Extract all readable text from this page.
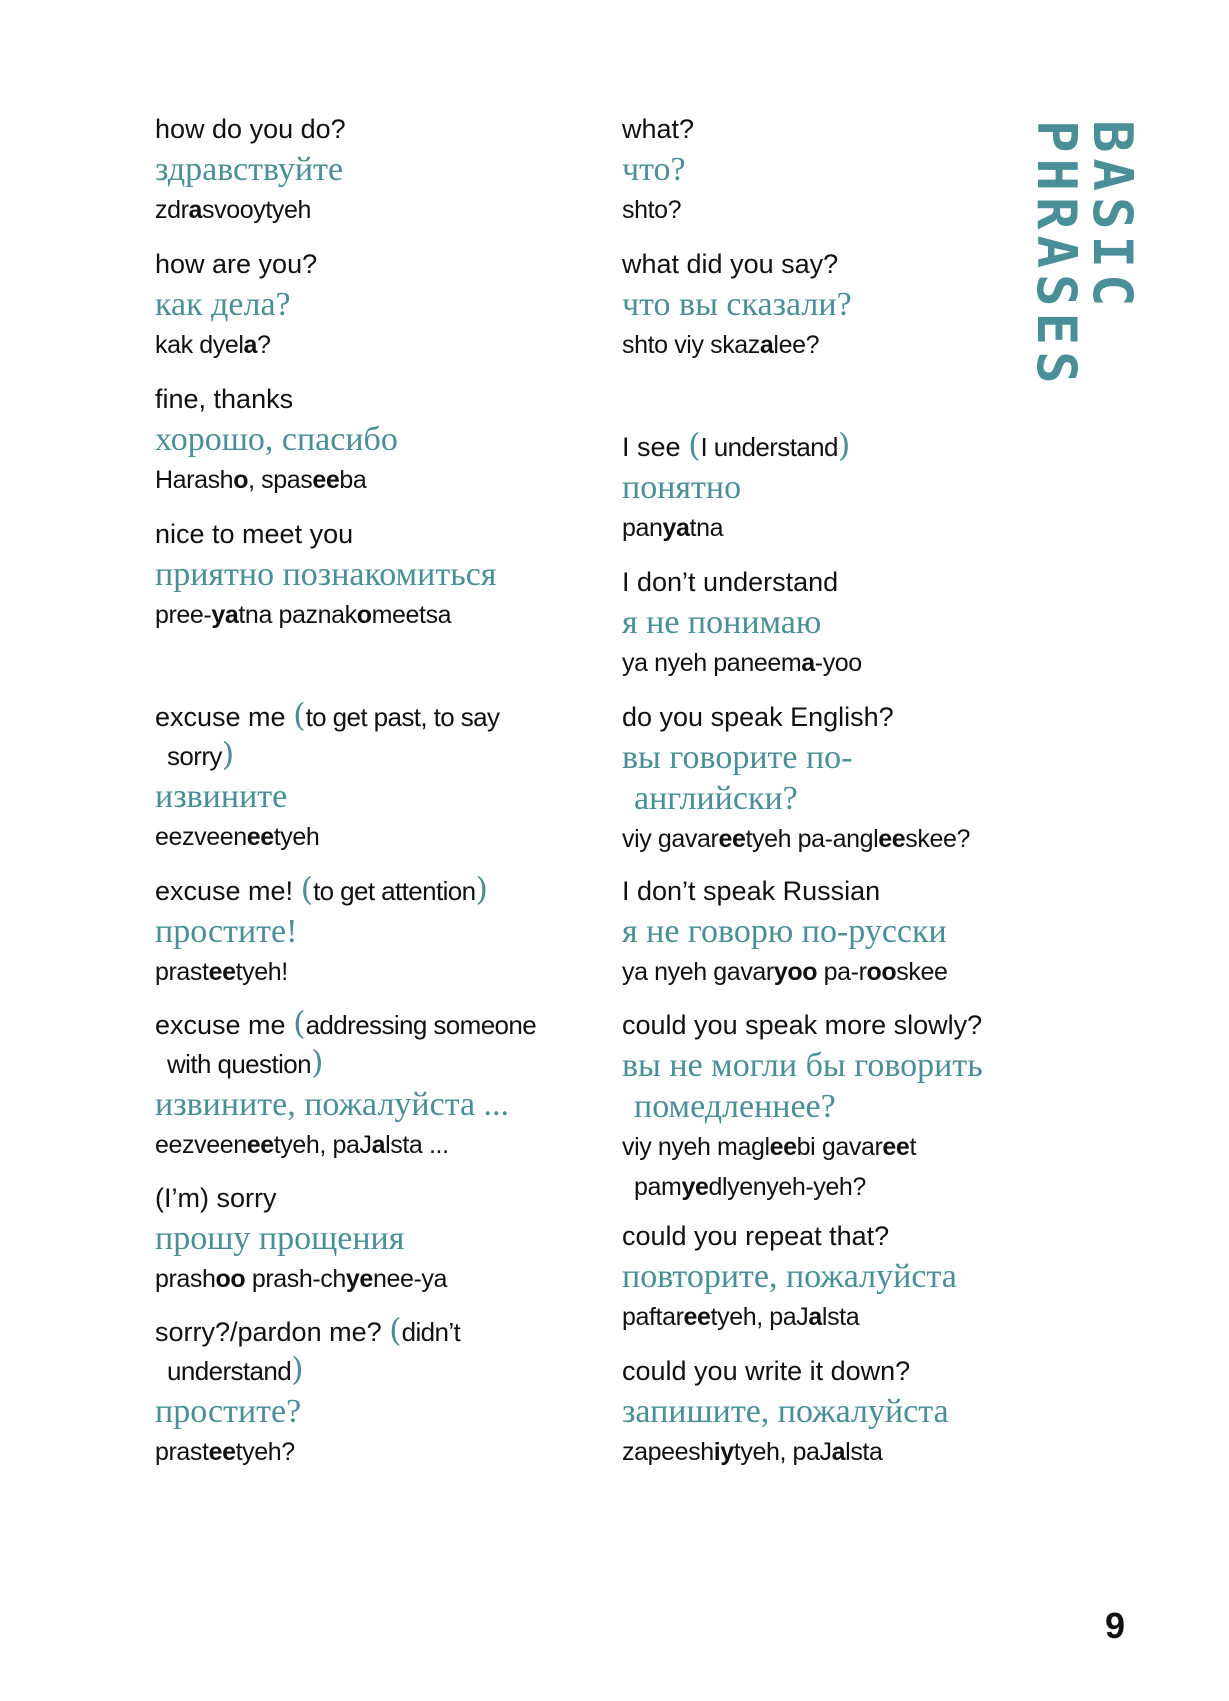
BASIC PHRASES

how do you do?

здравствуйте

zdrasvooytyeh

how are you?

как дела?

kak dyela?

fine, thanks

хорошо, спасибо

Harasho, spaseeba

nice to meet you

приятно познакомиться

pree-yatna paznakomeetsa

excuse me (to get past, to say

sorry)

извините

eezveeneetyeh

excuse me! (to get attention)

простите!

prasteetyeh!

excuse me (addressing someone

with question)

извините, пожалуйста ...

eezveeneetyeh, paJalsta ...

(I’m) sorry

прошу прощения

prashoo prash-chyenee-ya

sorry?/pardon me? (didn’t

understand)

простите?

prasteetyeh?

what?

что?

shto?

what did you say?

что вы сказали?

shto viy skazalee?

I see (I understand)

понятно

panyatna

I don’t understand

я не понимаю

ya nyeh paneema-yoo

do you speak English?

вы говорите по-

английски?

viy gavareetyeh pa-angleeskee?

I don’t speak Russian

я не говорю по-русски

ya nyeh gavaryoo pa-rooskee

could you speak more slowly?

вы не могли бы говорить

помедленнее?

viy nyeh magleebi gavareet

pamyedlyenyeh-yeh?

could you repeat that?

повторите, пожалуйста

paftareetyeh, paJalsta

could you write it down?

запишите, пожалуйста

zapeeshiytyeh, paJalsta

9
